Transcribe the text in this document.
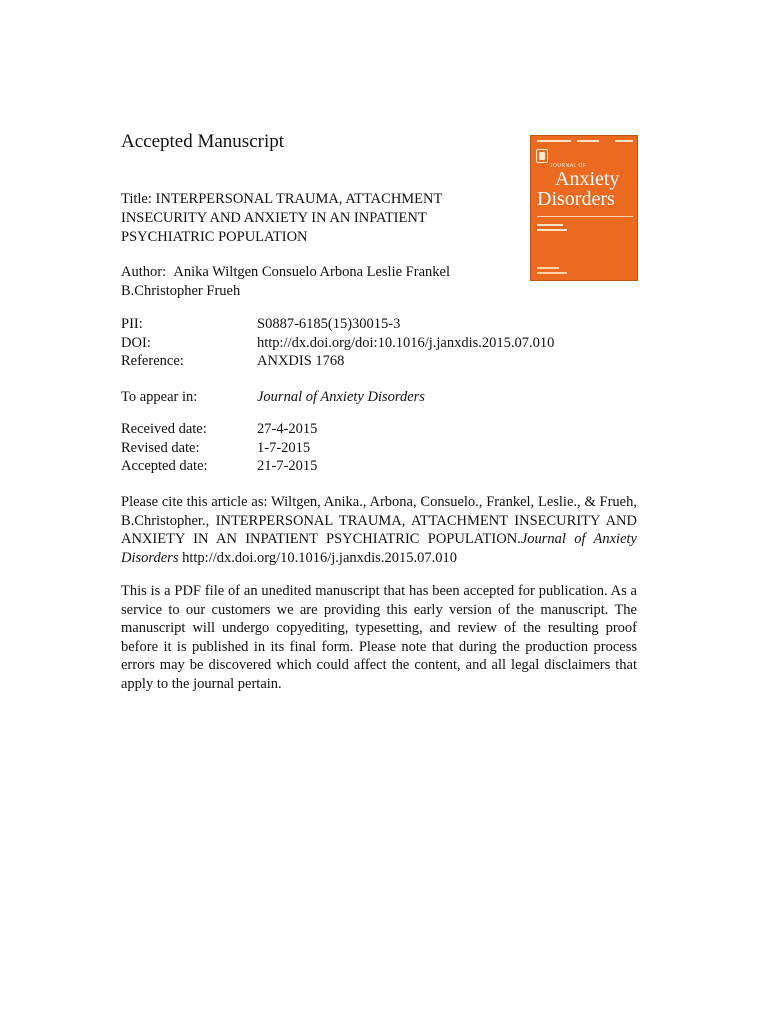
Accepted Manuscript

Title: INTERPERSONAL TRAUMA, ATTACHMENT INSECURITY AND ANXIETY IN AN INPATIENT PSYCHIATRIC POPULATION

Author: Anika Wiltgen Consuelo Arbona Leslie Frankel B.Christopher Frueh

PII:	S0887-6185(15)30015-3
DOI:	http://dx.doi.org/doi:10.1016/j.janxdis.2015.07.010
Reference:	ANXDIS 1768
To appear in:	Journal of Anxiety Disorders
Received date:	27-4-2015
Revised date:	1-7-2015
Accepted date:	21-7-2015

Please cite this article as: Wiltgen, Anika., Arbona, Consuelo., Frankel, Leslie., & Frueh, B.Christopher., INTERPERSONAL TRAUMA, ATTACHMENT INSECURITY AND ANXIETY IN AN INPATIENT PSYCHIATRIC POPULATION.Journal of Anxiety Disorders http://dx.doi.org/10.1016/j.janxdis.2015.07.010

This is a PDF file of an unedited manuscript that has been accepted for publication. As a service to our customers we are providing this early version of the manuscript. The manuscript will undergo copyediting, typesetting, and review of the resulting proof before it is published in its final form. Please note that during the production process errors may be discovered which could affect the content, and all legal disclaimers that apply to the journal pertain.

JOURNAL OF
Anxiety
Disorders
